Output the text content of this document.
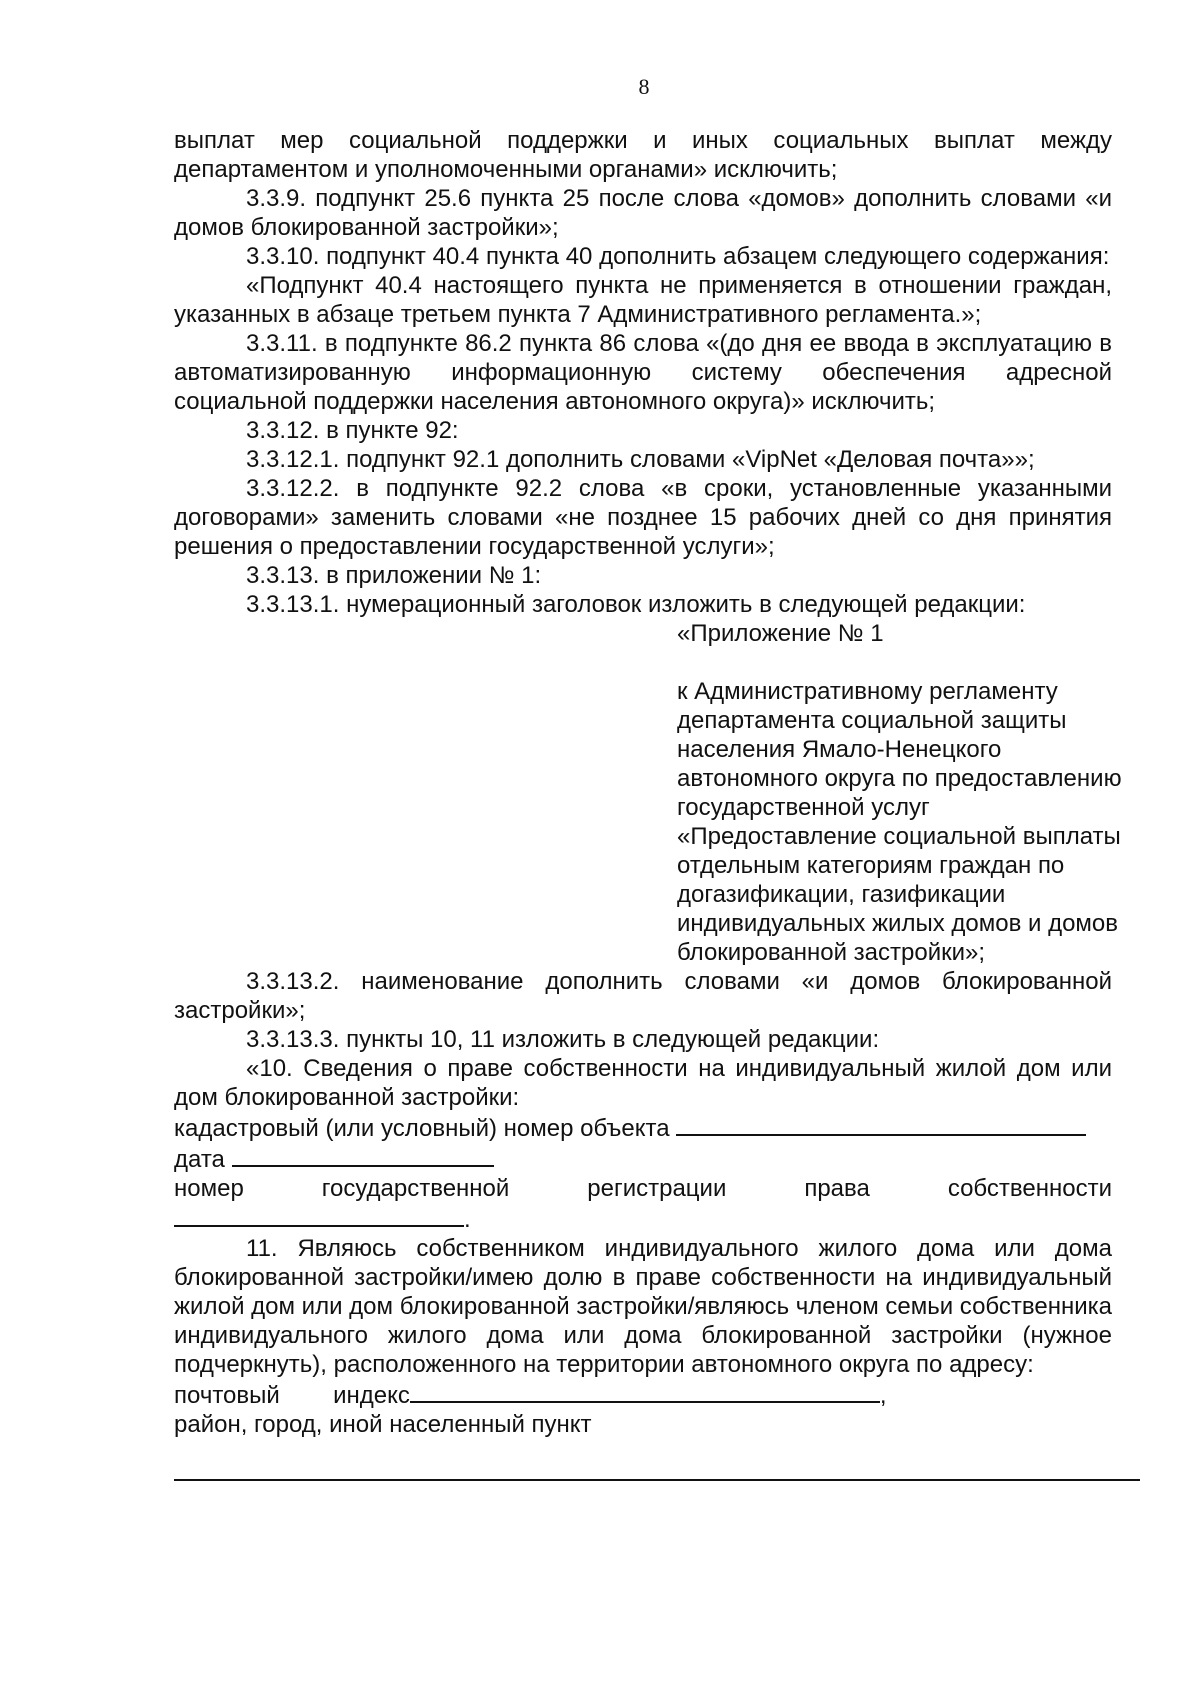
8

выплат мер социальной поддержки и иных социальных выплат между департаментом и уполномоченными органами» исключить;

3.3.9. подпункт 25.6 пункта 25 после слова «домов» дополнить словами «и домов блокированной застройки»;

3.3.10. подпункт 40.4 пункта 40 дополнить абзацем следующего содержания:

«Подпункт 40.4 настоящего пункта не применяется в отношении граждан, указанных в абзаце третьем пункта 7 Административного регламента.»;

3.3.11. в подпункте 86.2 пункта 86 слова «(до дня ее ввода в эксплуатацию в автоматизированную информационную систему обеспечения адресной социальной поддержки населения автономного округа)» исключить;

3.3.12. в пункте 92:

3.3.12.1. подпункт 92.1 дополнить словами «VipNet «Деловая почта»»;

3.3.12.2. в подпункте 92.2 слова «в сроки, установленные указанными договорами» заменить словами «не позднее 15 рабочих дней со дня принятия решения о предоставлении государственной услуги»;

3.3.13. в приложении № 1:

3.3.13.1. нумерационный заголовок изложить в следующей редакции:

«Приложение № 1

к Административному регламенту департамента социальной защиты населения Ямало-Ненецкого автономного округа по предоставлению государственной услуг «Предоставление социальной выплаты отдельным категориям граждан по догазификации, газификации индивидуальных жилых домов и домов блокированной застройки»;

3.3.13.2. наименование дополнить словами «и домов блокированной застройки»;

3.3.13.3. пункты 10, 11 изложить в следующей редакции:

«10. Сведения о праве собственности на индивидуальный жилой дом или дом блокированной застройки:

кадастровый (или условный) номер объекта

дата

номер	государственной	регистрации	права	собственности

.

11. Являюсь собственником индивидуального жилого дома или дома блокированной застройки/имею долю в праве собственности на индивидуальный жилой дом или дом блокированной застройки/являюсь членом семьи собственника индивидуального жилого дома или дома блокированной застройки (нужное подчеркнуть), расположенного на территории автономного округа по адресу:

почтовый индекс	,

район, город, иной населенный пункт
